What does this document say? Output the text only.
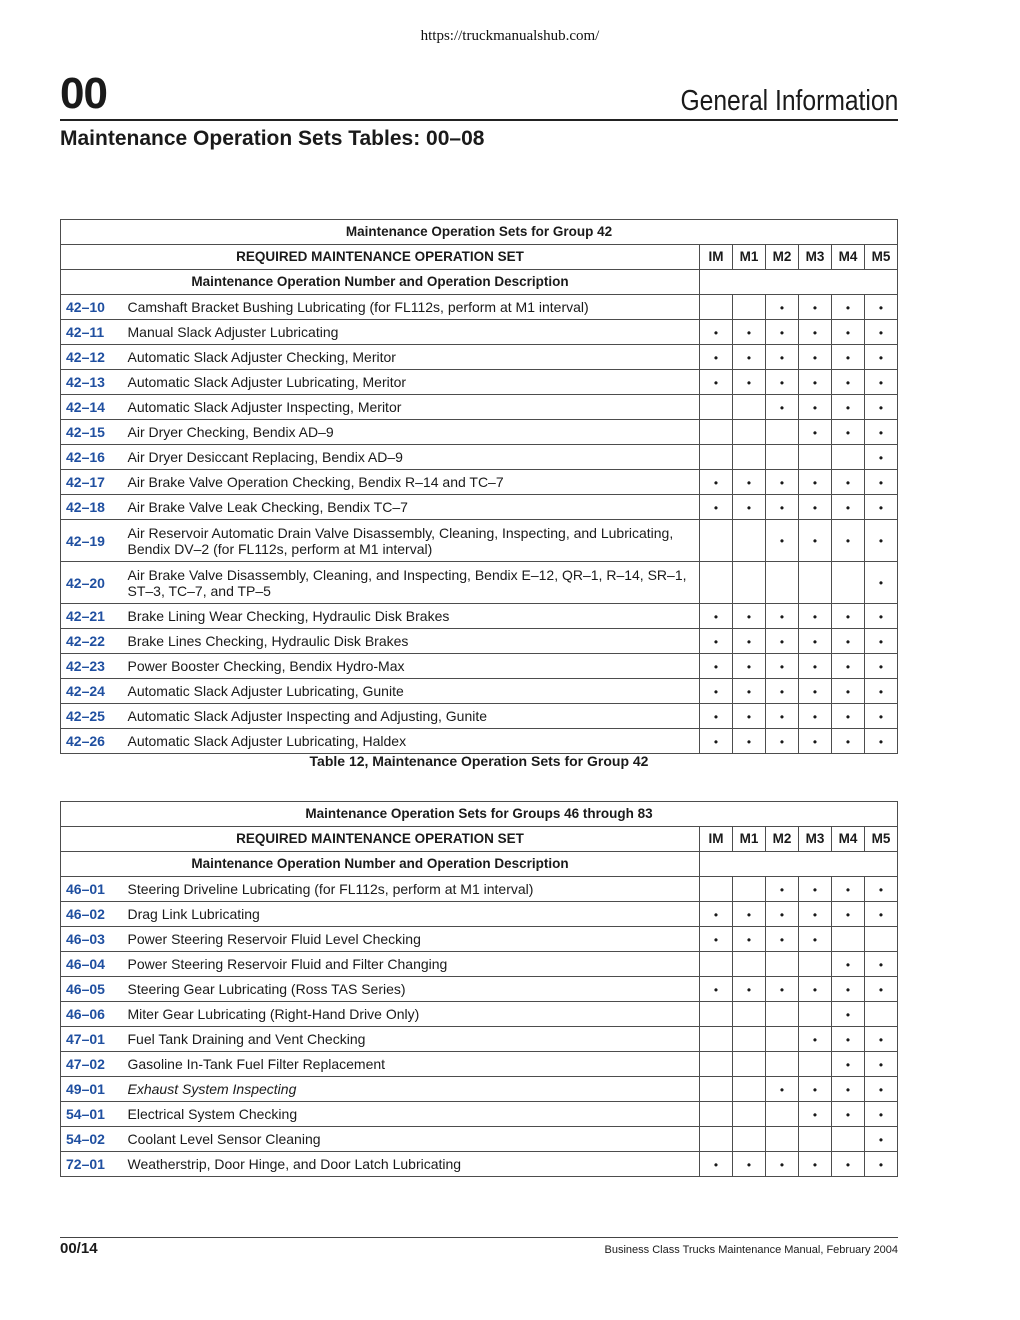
https://truckmanualshub.com/
00	General Information
Maintenance Operation Sets Tables: 00–08
Maintenance Operation Sets for Group 42							
REQUIRED MAINTENANCE OPERATION SET		IM	M1	M2	M3	M4	M5
Maintenance Operation Number and Operation Description							
42–10	Camshaft Bracket Bushing Lubricating (for FL112s, perform at M1 interval)			•	•	•	•
42–11	Manual Slack Adjuster Lubricating	•	•	•	•	•	•
42–12	Automatic Slack Adjuster Checking, Meritor	•	•	•	•	•	•
42–13	Automatic Slack Adjuster Lubricating, Meritor	•	•	•	•	•	•
42–14	Automatic Slack Adjuster Inspecting, Meritor			•	•	•	•
42–15	Air Dryer Checking, Bendix AD–9				•	•	•
42–16	Air Dryer Desiccant Replacing, Bendix AD–9						•
42–17	Air Brake Valve Operation Checking, Bendix R–14 and TC–7	•	•	•	•	•	•
42–18	Air Brake Valve Leak Checking, Bendix TC–7	•	•	•	•	•	•
42–19	Air Reservoir Automatic Drain Valve Disassembly, Cleaning, Inspecting, and Lubricating, Bendix DV–2 (for FL112s, perform at M1 interval)			•	•	•	•
42–20	Air Brake Valve Disassembly, Cleaning, and Inspecting, Bendix E–12, QR–1, R–14, SR–1, ST–3, TC–7, and TP–5						•
42–21	Brake Lining Wear Checking, Hydraulic Disk Brakes	•	•	•	•	•	•
42–22	Brake Lines Checking, Hydraulic Disk Brakes	•	•	•	•	•	•
42–23	Power Booster Checking, Bendix Hydro-Max	•	•	•	•	•	•
42–24	Automatic Slack Adjuster Lubricating, Gunite	•	•	•	•	•	•
42–25	Automatic Slack Adjuster Inspecting and Adjusting, Gunite	•	•	•	•	•	•
42–26	Automatic Slack Adjuster Lubricating, Haldex	•	•	•	•	•	•
Table 12, Maintenance Operation Sets for Group 42
Maintenance Operation Sets for Groups 46 through 83							
REQUIRED MAINTENANCE OPERATION SET		IM	M1	M2	M3	M4	M5
Maintenance Operation Number and Operation Description							
46–01	Steering Driveline Lubricating (for FL112s, perform at M1 interval)			•	•	•	•
46–02	Drag Link Lubricating	•	•	•	•	•	•
46–03	Power Steering Reservoir Fluid Level Checking	•	•	•	•		
46–04	Power Steering Reservoir Fluid and Filter Changing					•	•
46–05	Steering Gear Lubricating (Ross TAS Series)	•	•	•	•	•	•
46–06	Miter Gear Lubricating (Right-Hand Drive Only)					•	
47–01	Fuel Tank Draining and Vent Checking				•	•	•
47–02	Gasoline In-Tank Fuel Filter Replacement					•	•
49–01	Exhaust System Inspecting			•	•	•	•
54–01	Electrical System Checking				•	•	•
54–02	Coolant Level Sensor Cleaning						•
72–01	Weatherstrip, Door Hinge, and Door Latch Lubricating	•	•	•	•	•	•
00/14	Business Class Trucks Maintenance Manual, February 2004
